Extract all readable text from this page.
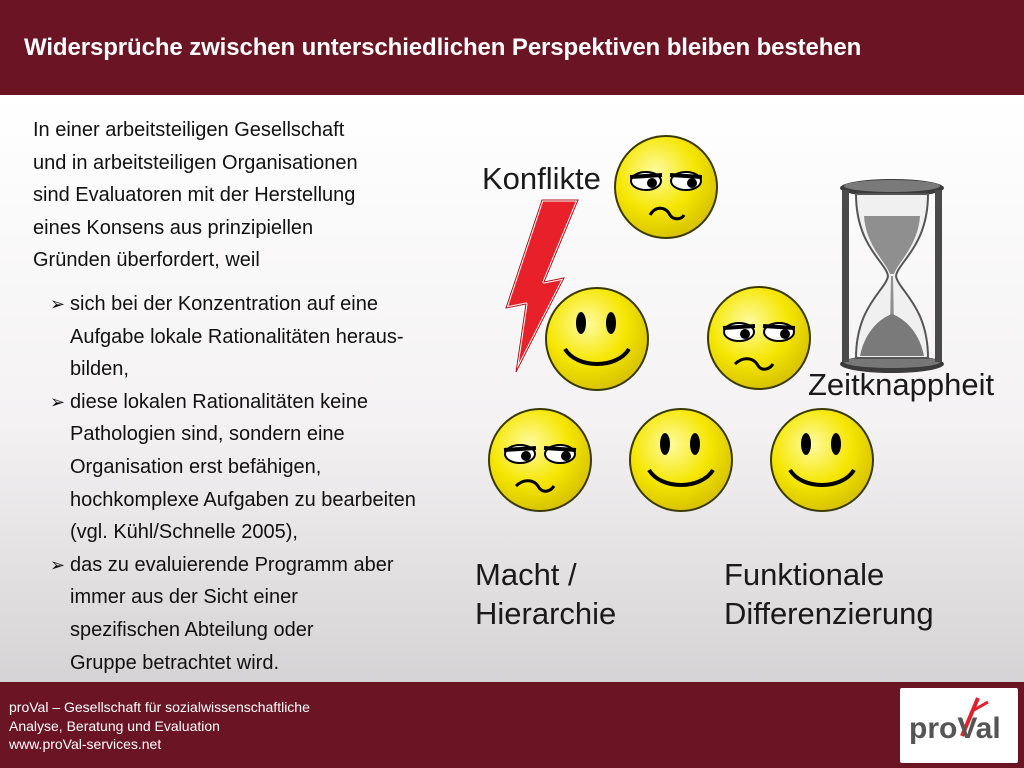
Widersprüche zwischen unterschiedlichen Perspektiven bleiben bestehen

In einer arbeitsteiligen Gesellschaft

und in arbeitsteiligen Organisationen

sind Evaluatoren mit der Herstellung

eines Konsens aus prinzipiellen

Gründen überfordert, weil

➢ sich bei der Konzentration auf eine
Aufgabe lokale Rationalitäten heraus-
bilden,
➢ diese lokalen Rationalitäten keine
Pathologien sind, sondern eine
Organisation erst befähigen,
hochkomplexe Aufgaben zu bearbeiten
(vgl. Kühl/Schnelle 2005),
➢ das zu evaluierende Programm aber
immer aus der Sicht einer
spezifischen Abteilung oder
Gruppe betrachtet wird.
Konflikte
Zeitknappheit
Macht /
Hierarchie
Funktionale
Differenzierung
proVal – Gesellschaft für sozialwissenschaftliche
Analyse, Beratung und Evaluation
www.proVal-services.net	proVal
